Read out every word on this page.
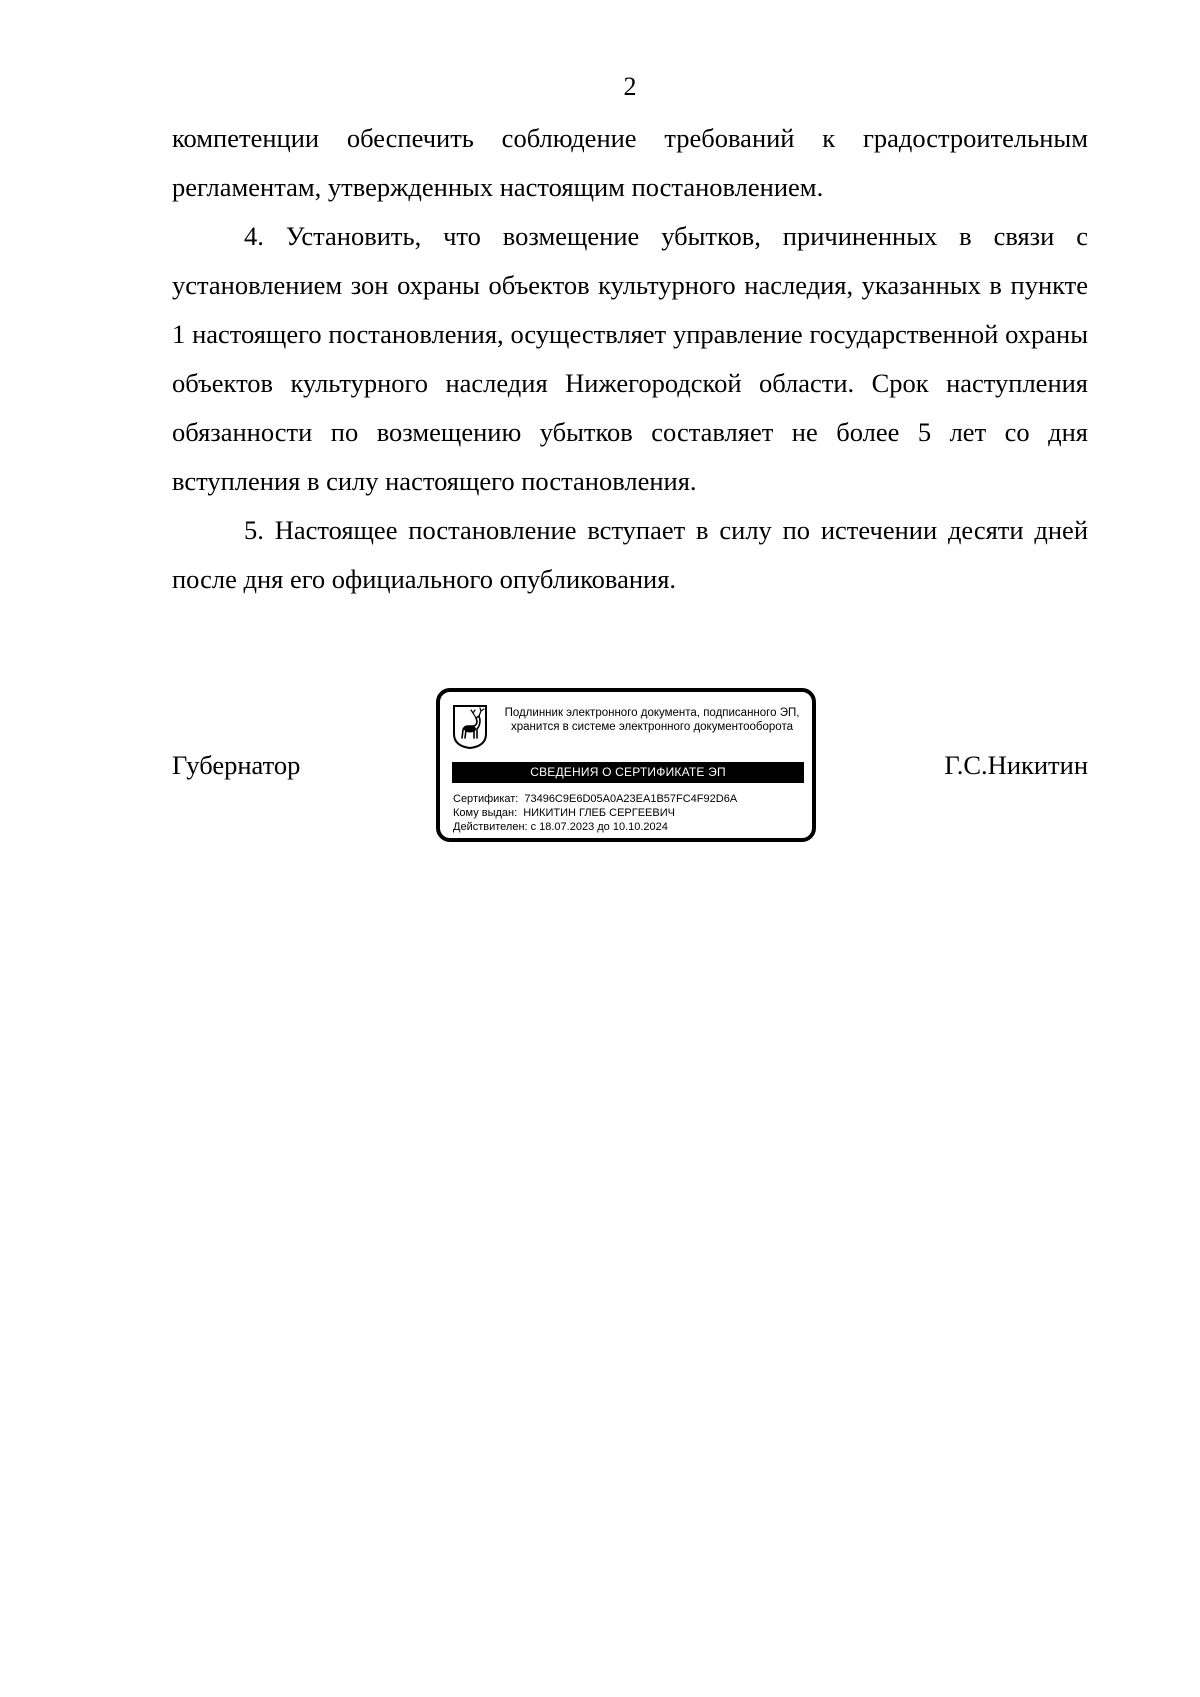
2

компетенции обеспечить соблюдение требований к градостроительным регламентам, утвержденных настоящим постановлением.

4. Установить, что возмещение убытков, причиненных в связи с установлением зон охраны объектов культурного наследия, указанных в пункте 1 настоящего постановления, осуществляет управление государственной охраны объектов культурного наследия Нижегородской области. Срок наступления обязанности по возмещению убытков составляет не более 5 лет со дня вступления в силу настоящего постановления.

5. Настоящее постановление вступает в силу по истечении десяти дней после дня его официального опубликования.

Губернатор
Подлинник электронного документа, подписанного ЭП,
хранится в системе электронного документооборота
СВЕДЕНИЯ О СЕРТИФИКАТЕ ЭП
Сертификат: 73496C9E6D05A0A23EA1B57FC4F92D6A
Кому выдан: НИКИТИН ГЛЕБ СЕРГЕЕВИЧ
Действителен: с 18.07.2023 до 10.10.2024
Г.С.Никитин
